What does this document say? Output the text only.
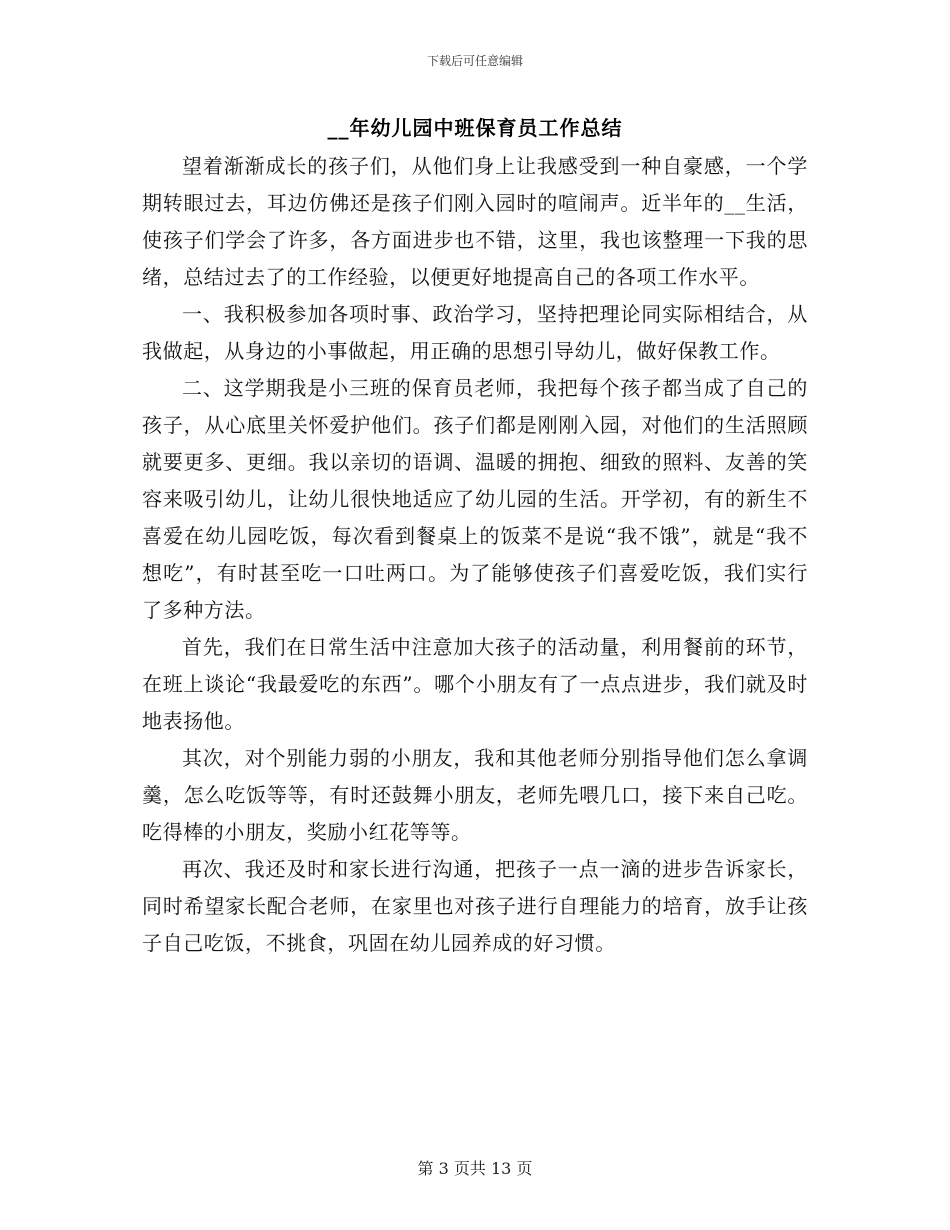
下载后可任意编辑
__年幼儿园中班保育员工作总结

望着渐渐成长的孩子们，从他们身上让我感受到一种自豪感，一个学期转眼过去，耳边仿佛还是孩子们刚入园时的喧闹声。近半年的__生活，使孩子们学会了许多，各方面进步也不错，这里，我也该整理一下我的思绪，总结过去了的工作经验，以便更好地提高自己的各项工作水平。

一、我积极参加各项时事、政治学习，坚持把理论同实际相结合，从我做起，从身边的小事做起，用正确的思想引导幼儿，做好保教工作。

二、这学期我是小三班的保育员老师，我把每个孩子都当成了自己的孩子，从心底里关怀爱护他们。孩子们都是刚刚入园，对他们的生活照顾就要更多、更细。我以亲切的语调、温暖的拥抱、细致的照料、友善的笑容来吸引幼儿，让幼儿很快地适应了幼儿园的生活。开学初，有的新生不喜爱在幼儿园吃饭，每次看到餐桌上的饭菜不是说“我不饿”，就是“我不想吃”，有时甚至吃一口吐两口。为了能够使孩子们喜爱吃饭，我们实行了多种方法。

首先，我们在日常生活中注意加大孩子的活动量，利用餐前的环节，在班上谈论“我最爱吃的东西”。哪个小朋友有了一点点进步，我们就及时地表扬他。

其次，对个别能力弱的小朋友，我和其他老师分别指导他们怎么拿调羹，怎么吃饭等等，有时还鼓舞小朋友，老师先喂几口，接下来自己吃。吃得棒的小朋友，奖励小红花等等。

再次、我还及时和家长进行沟通，把孩子一点一滴的进步告诉家长，同时希望家长配合老师，在家里也对孩子进行自理能力的培育，放手让孩子自己吃饭，不挑食，巩固在幼儿园养成的好习惯。

第 3 页共 13 页
